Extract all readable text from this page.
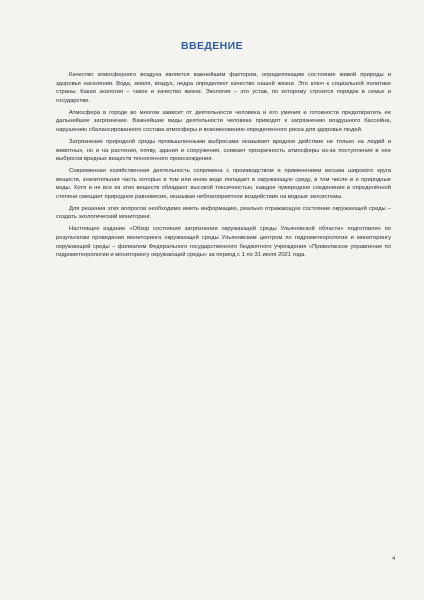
ВВЕДЕНИЕ

Качество атмосферного воздуха является важнейшим фактором, определяющим состояние живой природы и здоровья населения. Вода, земля, воздух, недра определяют качество нашей жизни. Это ключ к социальной политике страны. Какая экология – такое и качество жизни. Экология – это устав, по которому строится порядок в семье и государстве.

Атмосфера в городе во многом зависит от деятельности человека и его умения и готовности предотвратить ее дальнейшее загрязнение. Важнейшие виды деятельности человека приводят к загрязнению воздушного бассейна, нарушению сбалансированного состава атмосферы и возникновению определенного риска для здоровья людей.

Загрязнение природной среды промышленными выбросами оказывает вредное действие не только на людей и животных, но и на растения, почву, здания и сооружения, снижает прозрачность атмосферы из-за поступления в нее выбросов вредных веществ техногенного происхождения.

Современная хозяйственная деятельность сопряжена с производством и применением весьма широкого круга веществ, значительная часть которых в том или ином виде попадает в окружающую среду, в том числе в и природные воды. Хотя и не все из этих веществ обладают высокой токсичностью, каждое чужеродное соединение в определённой степени смещает природное равновесие, оказывая неблагоприятное воздействие на водные экосистемы.

Для решения этих вопросов необходимо иметь информацию, реально отражающую состояние окружающей среды – создать экологический мониторинг.

Настоящее издание «Обзор состояния загрязнения окружающей среды Ульяновской области» подготовлен по результатам проведения мониторинга окружающей среды Ульяновским центром по гидрометеорологии и мониторингу окружающей среды – филиалом Федерального государственного бюджетного учреждения «Приволжское управление по гидрометеорологии и мониторингу окружающей среды» за период с 1 по 31 июля 2021 года.

4
